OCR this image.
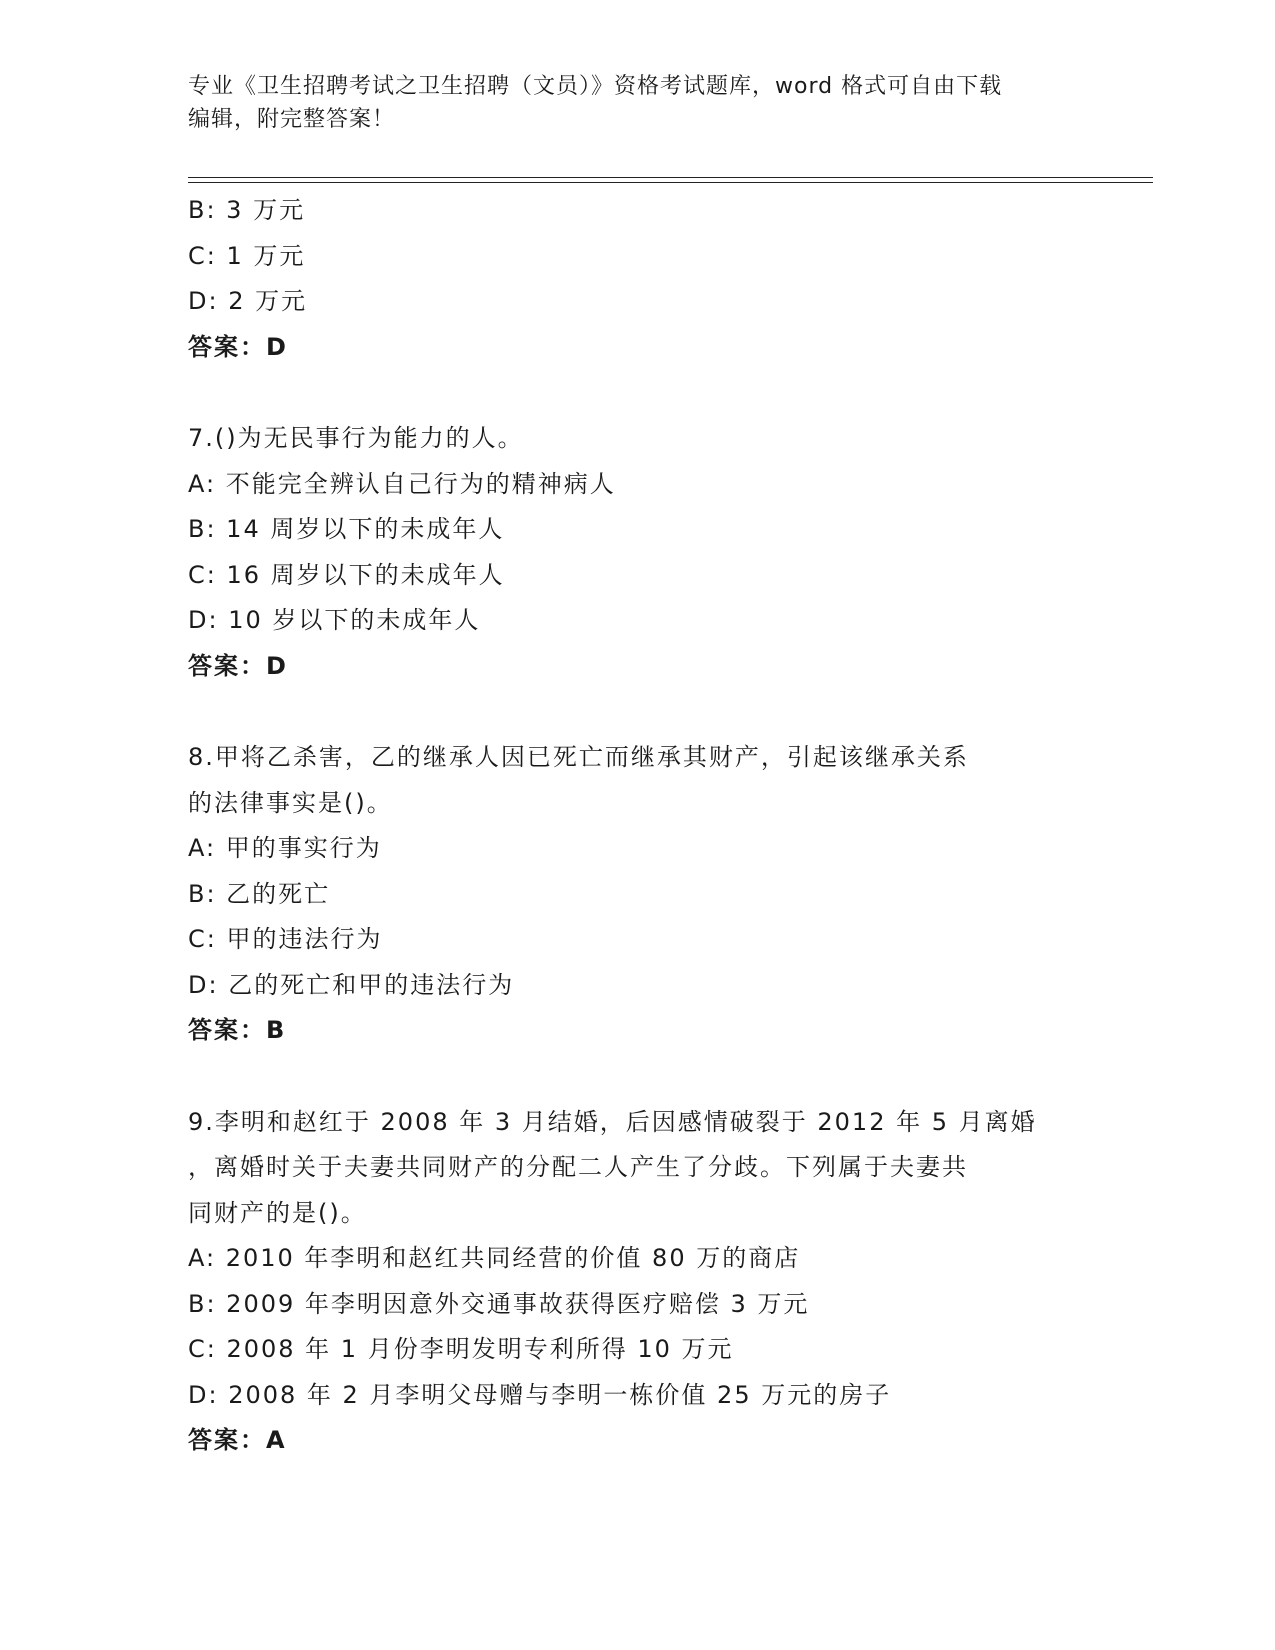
专业《卫生招聘考试之卫生招聘（文员）》资格考试题库，word 格式可自由下载
编辑，附完整答案！
B: 3 万元
C: 1 万元
D: 2 万元
答案：D
7.()为无民事行为能力的人。
A: 不能完全辨认自己行为的精神病人
B: 14 周岁以下的未成年人
C: 16 周岁以下的未成年人
D: 10 岁以下的未成年人
答案：D
8.甲将乙杀害，乙的继承人因已死亡而继承其财产，引起该继承关系
的法律事实是()。
A: 甲的事实行为
B: 乙的死亡
C: 甲的违法行为
D: 乙的死亡和甲的违法行为
答案：B
9.李明和赵红于 2008 年 3 月结婚，后因感情破裂于 2012 年 5 月离婚
，离婚时关于夫妻共同财产的分配二人产生了分歧。下列属于夫妻共
同财产的是()。
A: 2010 年李明和赵红共同经营的价值 80 万的商店
B: 2009 年李明因意外交通事故获得医疗赔偿 3 万元
C: 2008 年 1 月份李明发明专利所得 10 万元
D: 2008 年 2 月李明父母赠与李明一栋价值 25 万元的房子
答案：A
